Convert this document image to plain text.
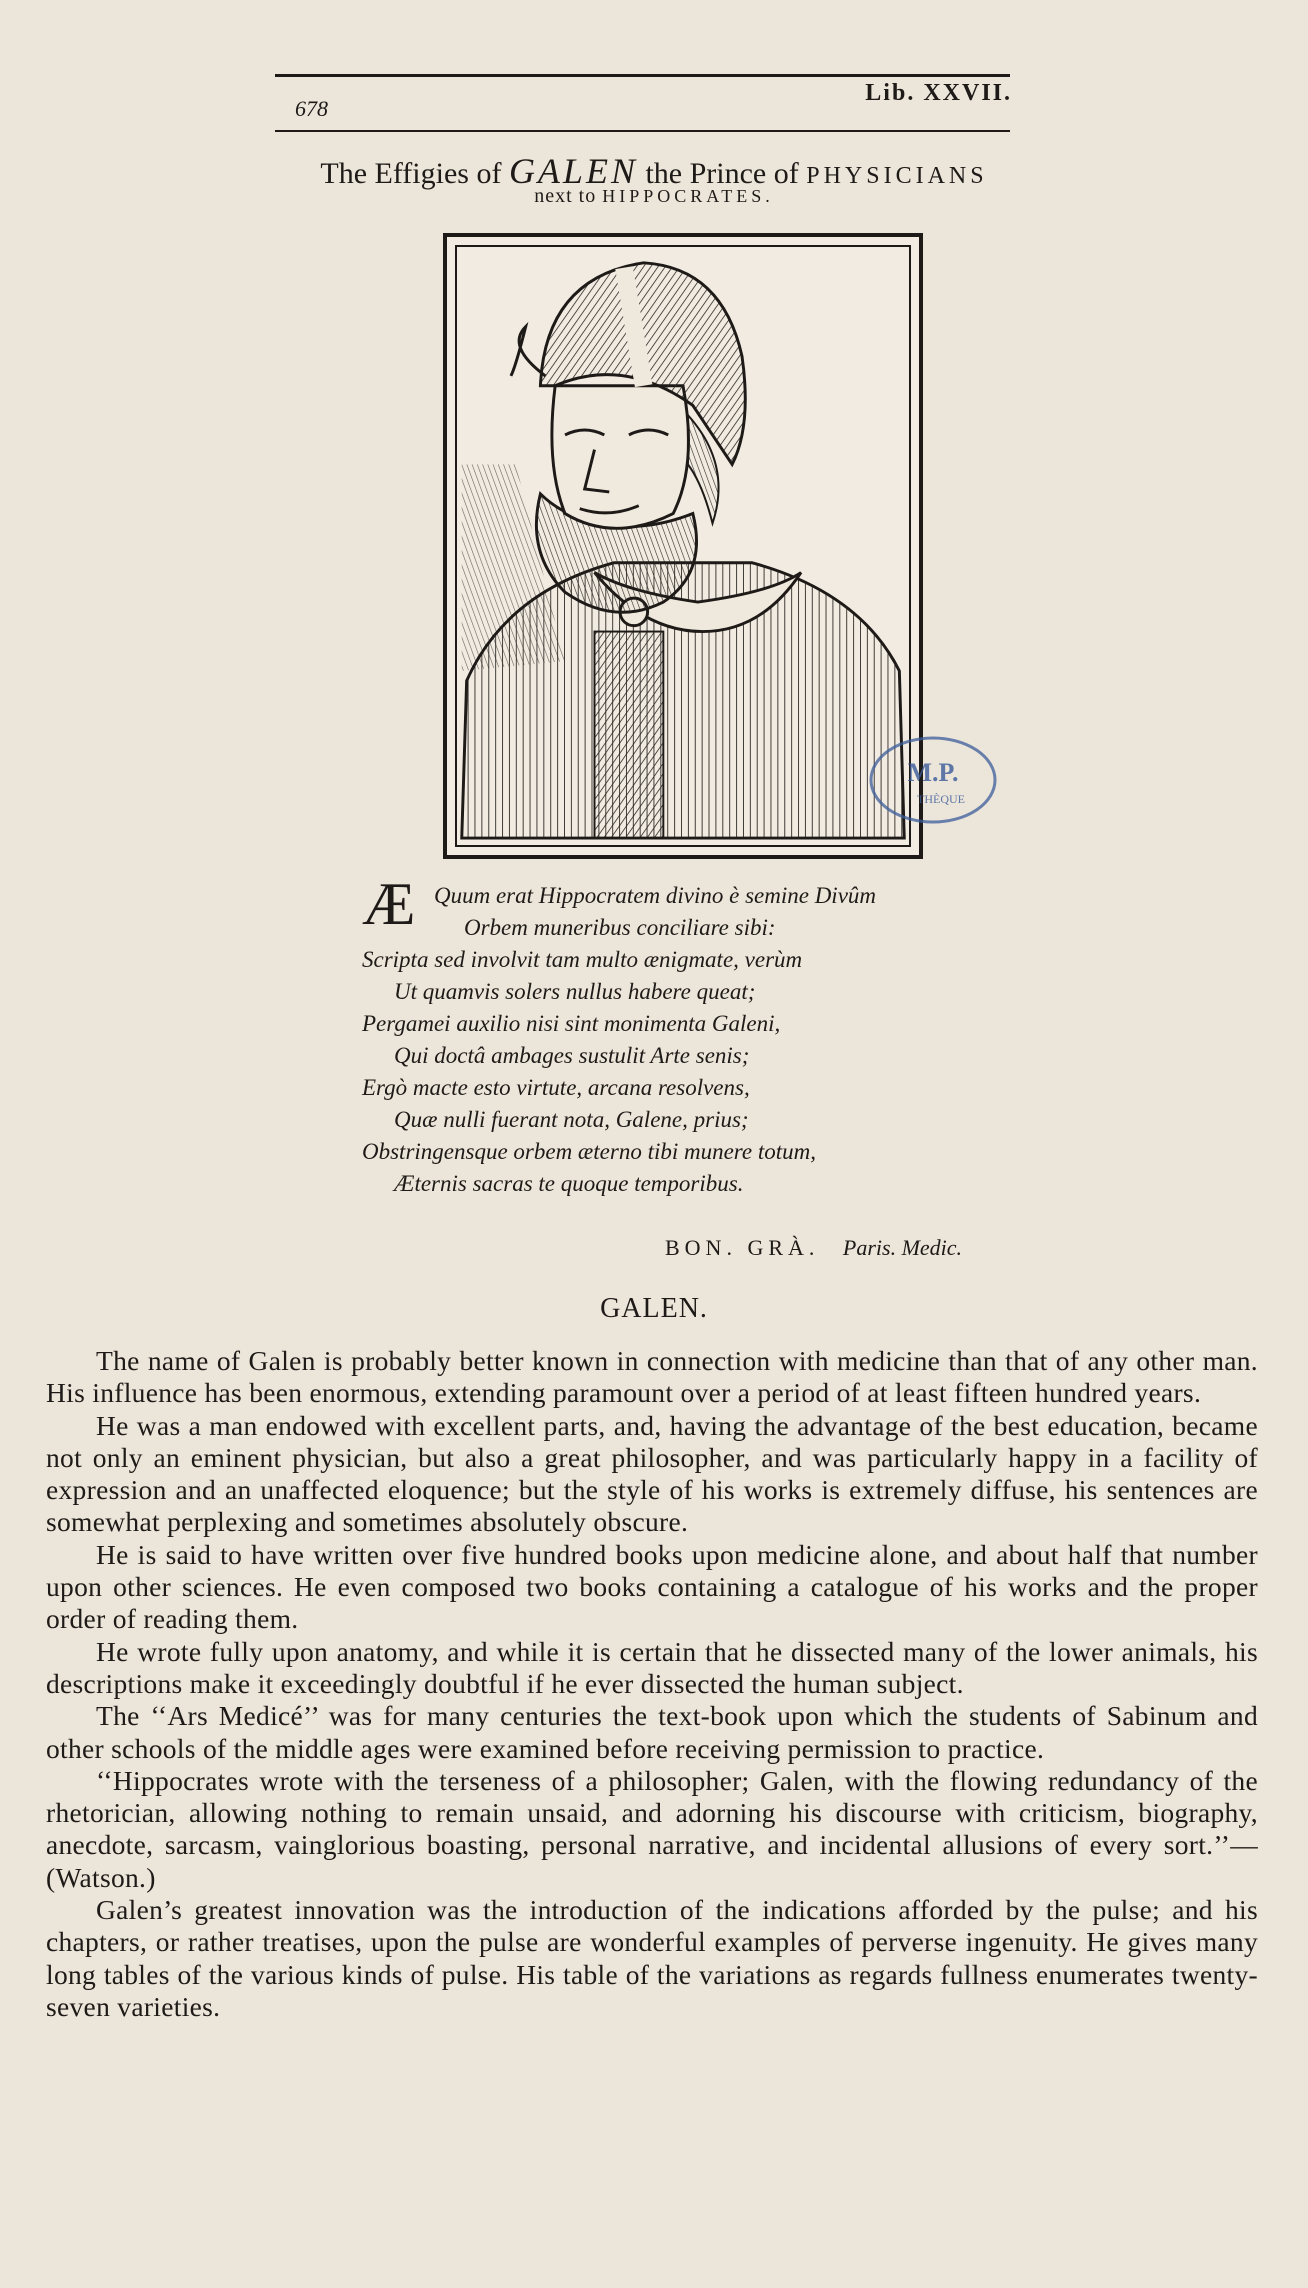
678
Lib. XXVII.
The Effigies of GALEN the Prince of PHYSICIANS
next to HIPPOCRATES.
M.P.
THÈQUE
Æ Quum erat Hippocratem divino è semine Divûm
Orbem muneribus conciliare sibi:
Scripta sed involvit tam multo ænigmate, verùm
Ut quamvis solers nullus habere queat;
Pergamei auxilio nisi sint monimenta Galeni,
Qui doctâ ambages sustulit Arte senis;
Ergò macte esto virtute, arcana resolvens,
Quæ nulli fuerant nota, Galene, prius;
Obstringensque orbem æterno tibi munere totum,
Æternis sacras te quoque temporibus.
BON. GRÀ. Paris. Medic.
GALEN.

The name of Galen is probably better known in connection with medicine than that of any other man. His influence has been enormous, extending paramount over a period of at least fifteen hundred years.

He was a man endowed with excellent parts, and, having the advantage of the best education, became not only an eminent physician, but also a great philosopher, and was particularly happy in a facility of expression and an unaffected eloquence; but the style of his works is extremely diffuse, his sentences are somewhat perplexing and sometimes absolutely obscure.

He is said to have written over five hundred books upon medicine alone, and about half that number upon other sciences. He even composed two books containing a catalogue of his works and the proper order of reading them.

He wrote fully upon anatomy, and while it is certain that he dissected many of the lower animals, his descriptions make it exceedingly doubtful if he ever dissected the human subject.

The ‘‘Ars Medicé’’ was for many centuries the text-book upon which the students of Sabinum and other schools of the middle ages were examined before receiving permission to practice.

‘‘Hippocrates wrote with the terseness of a philosopher; Galen, with the flowing redundancy of the rhetorician, allowing nothing to remain unsaid, and adorning his discourse with criticism, biography, anecdote, sarcasm, vainglorious boasting, personal narrative, and incidental allusions of every sort.’’—(Watson.)

Galen’s greatest innovation was the introduction of the indications afforded by the pulse; and his chapters, or rather treatises, upon the pulse are wonderful examples of perverse ingenuity. He gives many long tables of the various kinds of pulse. His table of the variations as regards fullness enumerates twenty-seven varieties.
